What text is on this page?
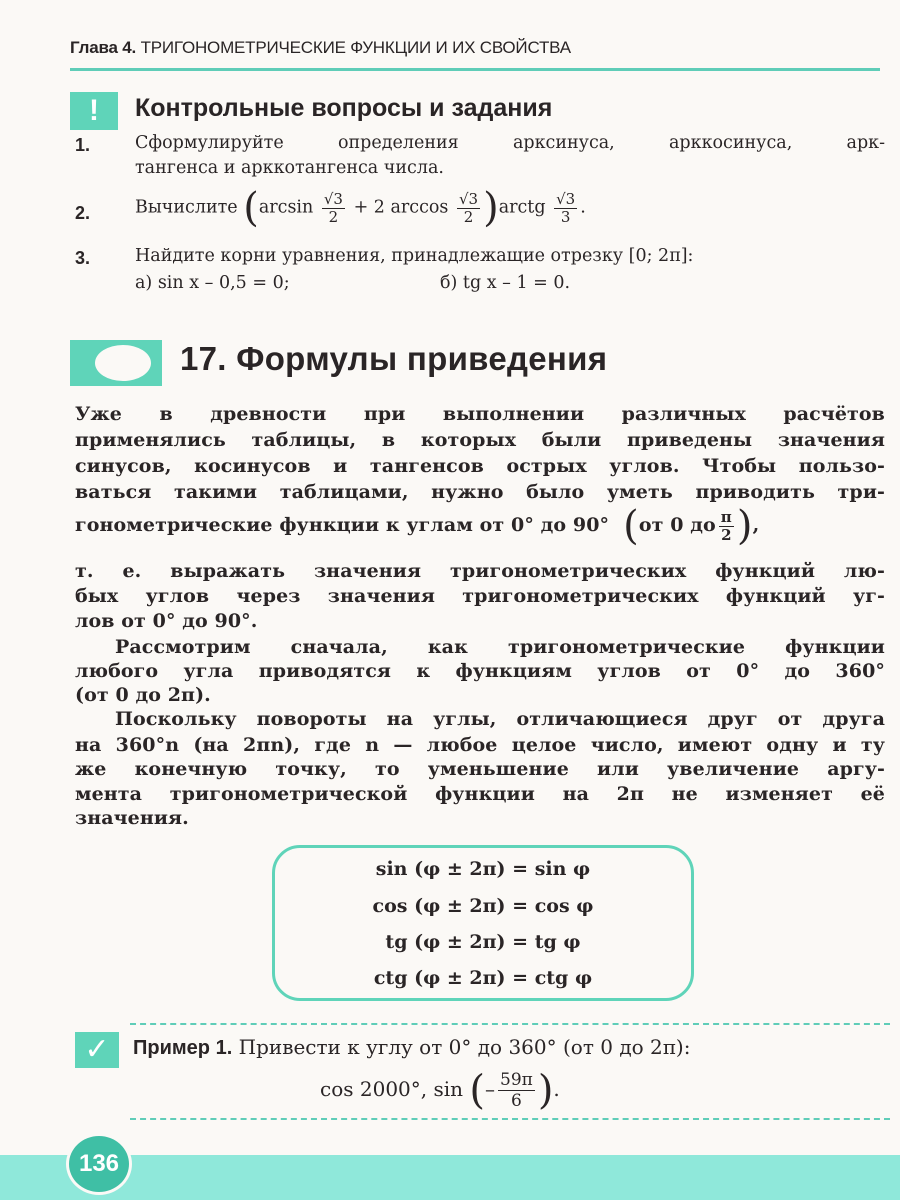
Глава 4. ТРИГОНОМЕТРИЧЕСКИЕ ФУНКЦИИ И ИХ СВОЙСТВА
!	Контрольные вопросы и задания
1.	Сформулируйте определения арксинуса, арккосинуса, арк-
тангенса и арккотангенса числа.
2.	Вычислите ($\arcsin \frac{√3}{2} + 2$ $\arccos \frac{√3}{2}$ )arctg $\frac{√3}{3}$ .
3.	Найдите корни уравнения, принадлежащие отрезку [0; 2π]:
а) sin x – 0,5 = 0;	б) tg x – 1 = 0.
17. Формулы приведения
Уже в древности при выполнении различных расчётов
применялись таблицы, в которых были приведены значения
синусов, косинусов и тангенсов острых углов. Чтобы пользо-
ваться такими таблицами, нужно было уметь приводить три-
гонометрические функции к углам от 0° до 90° (от 0 до $\frac{\pi}{2}$ ),
т. е. выражать значения тригонометрических функций лю-
бых углов через значения тригонометрических функций уг-
лов от 0° до 90°.
Рассмотрим сначала, как тригонометрические функции
любого угла приводятся к функциям углов от 0° до 360°
(от 0 до 2π).
Поскольку повороты на углы, отличающиеся друг от друга
на 360°n (на 2πn), где n — любое целое число, имеют одну и ту
же конечную точку, то уменьшение или увеличение аргу-
мента тригонометрической функции на 2π не изменяет её
значения.
sin (φ ± 2π) = sin φ
cos (φ ± 2π) = cos φ
tg (φ ± 2π) = tg φ
ctg (φ ± 2π) = ctg φ
✓	Пример 1. Привести к углу от 0° до 360° (от 0 до 2π):
cos 2000°, sin (– $\frac{59\pi}{6}$ ).
136
